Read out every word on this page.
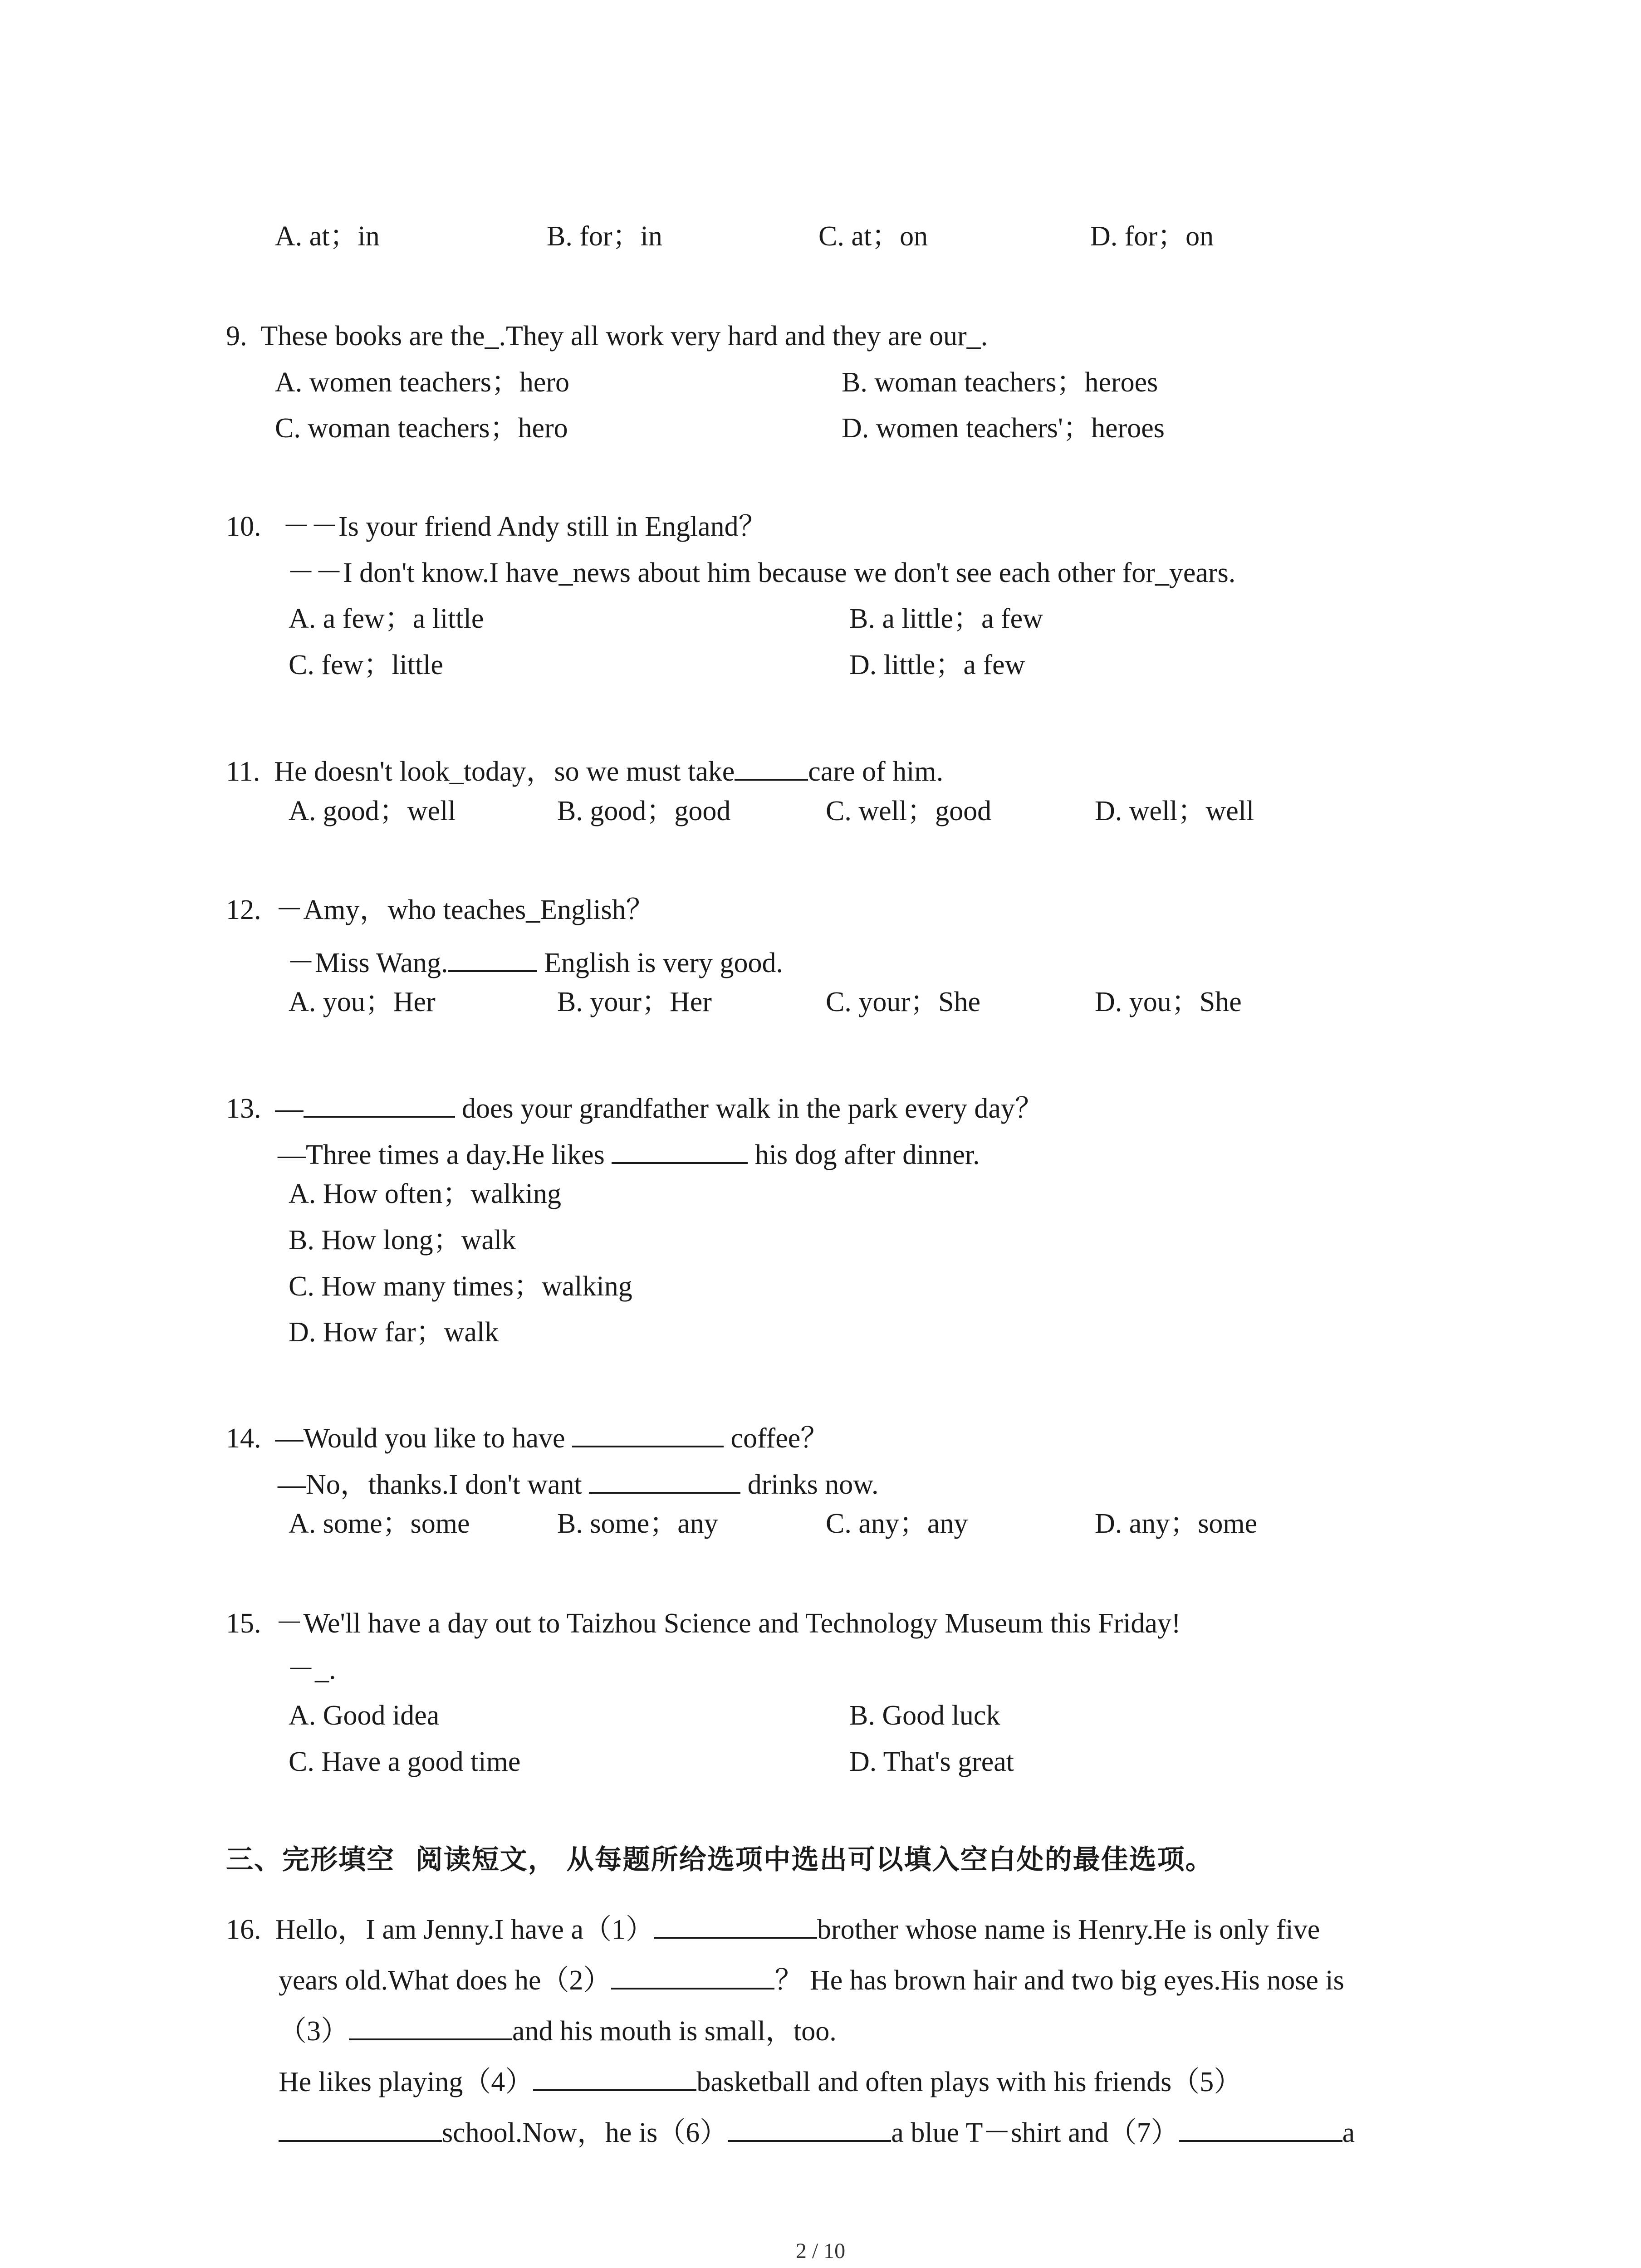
A. at；in	B. for；in	C. at；on	D. for；on
9.  These books are the_.They all work very hard and they are our_.
A. women teachers；hero	B. woman teachers；heroes
C. woman teachers；hero	D. women teachers'；heroes
10.   －－Is your friend Andy still in England？
－－I don't know.I have_news about him because we don't see each other for_years.
A. a few；a little	B. a little；a few
C. few；little	D. little；a few
11.  He doesn't look_today，so we must take	care of him.
A. good；well	B. good；good	C. well；good	D. well；well
12.  －Amy，who teaches_English？
－Miss Wang.	English is very good.
A. you；Her	B. your；Her	C. your；She	D. you；She
13.  —	does your grandfather walk in the park every day？
—Three times a day.He likes	his dog after dinner.
A. How often；walking
B. How long；walk
C. How many times；walking
D. How far；walk
14.  —Would you like to have	coffee？
—No，thanks.I don't want	drinks now.
A. some；some	B. some；any	C. any；any	D. any；some
15.  －We'll have a day out to Taizhou Science and Technology Museum this Friday!
－_.
A. Good idea	B. Good luck
C. Have a good time	D. That's great
三、完形填空  阅读短文， 从每题所给选项中选出可以填入空白处的最佳选项。
16.  Hello，I am Jenny.I have a（1）	brother whose name is Henry.He is only five
years old.What does he（2）	？ He has brown hair and two big eyes.His nose is
（3）	and his mouth is small，too.
He likes playing（4）	basketball and often plays with his friends（5）
school.Now，he is（6）	a blue T－shirt and（7）	a
2 / 10
